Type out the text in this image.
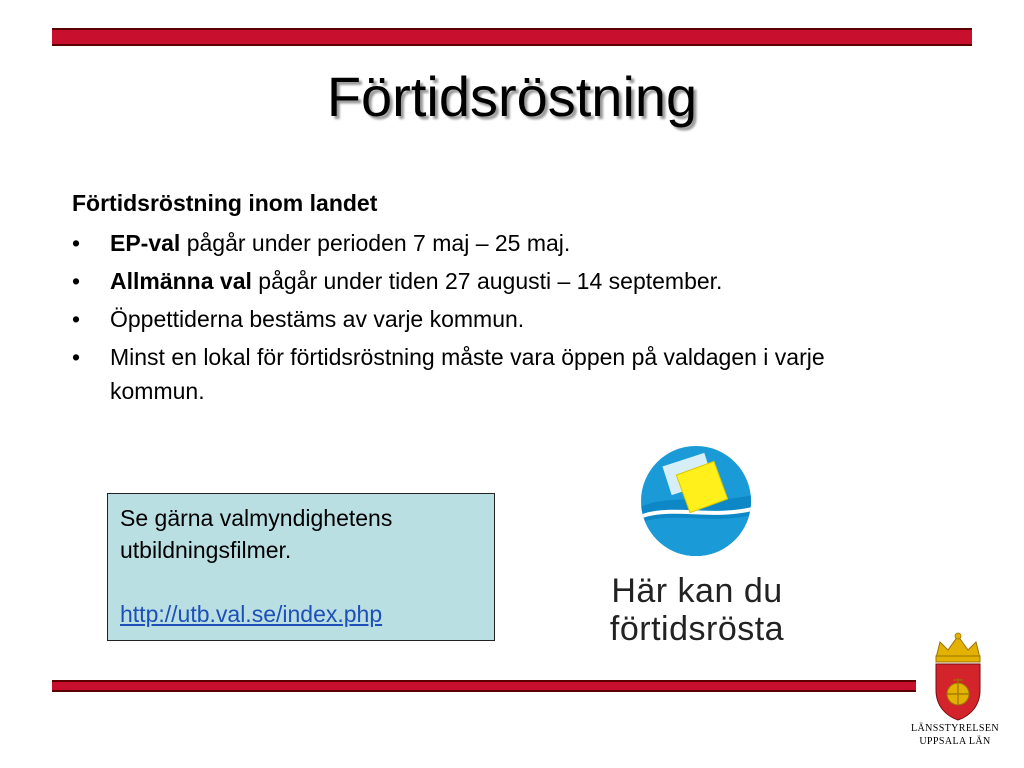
Förtidsröstning
Förtidsröstning inom landet
• EP-val pågår under perioden 7 maj – 25 maj.
• Allmänna val pågår under tiden 27 augusti – 14 september.
• Öppettiderna bestäms av varje kommun.
• Minst en lokal för förtidsröstning måste vara öppen på valdagen i varje kommun.
Se gärna valmyndighetens utbildningsfilmer.
http://utb.val.se/index.php
Här kan du
förtidsrösta
LÄNSSTYRELSEN
UPPSALA LÄN
